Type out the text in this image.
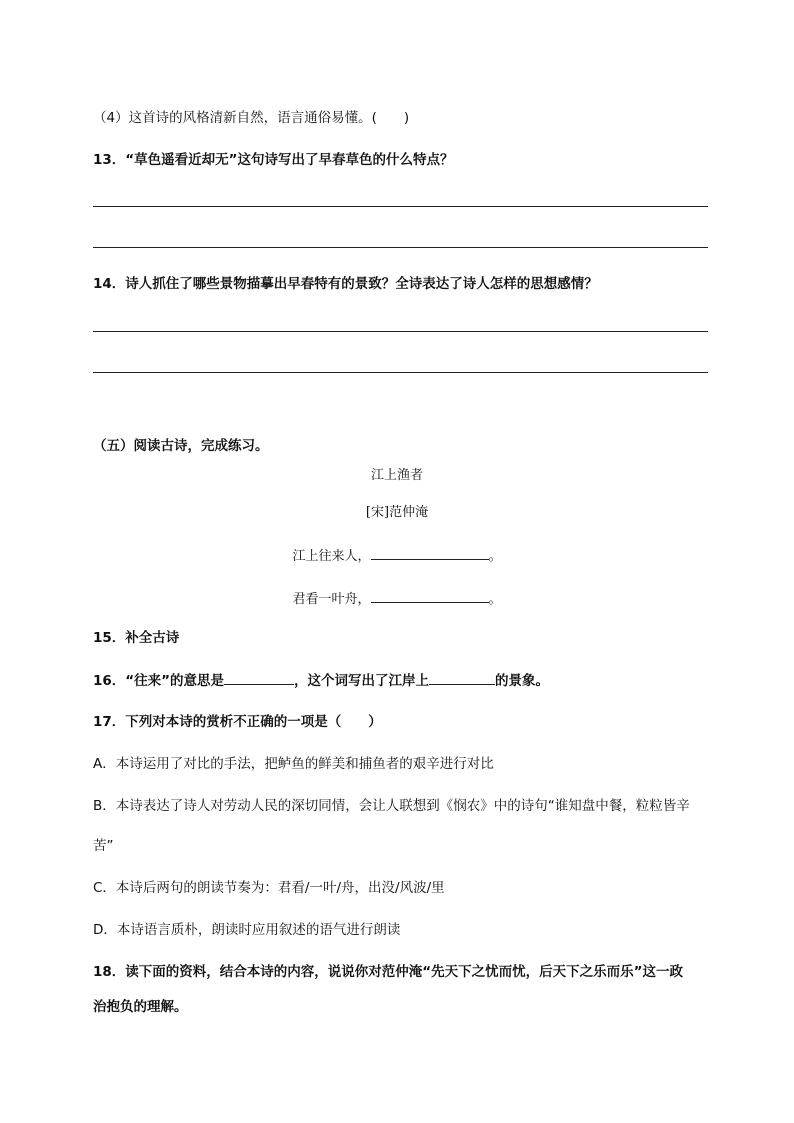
（4）这首诗的风格清新自然，语言通俗易懂。(　　)
13．“草色遥看近却无”这句诗写出了早春草色的什么特点？
14．诗人抓住了哪些景物描摹出早春特有的景致？全诗表达了诗人怎样的思想感情？
（五）阅读古诗，完成练习。
江上渔者
[宋]范仲淹
江上往来人，	。
君看一叶舟，	。
15．补全古诗
16．“往来”的意思是	，这个词写出了江岸上	的景象。
17．下列对本诗的赏析不正确的一项是（　　）
A．本诗运用了对比的手法，把鲈鱼的鲜美和捕鱼者的艰辛进行对比
B．本诗表达了诗人对劳动人民的深切同情，会让人联想到《悯农》中的诗句“谁知盘中餐，粒粒皆辛
苦”
C．本诗后两句的朗读节奏为：君看/一叶/舟，出没/风波/里
D．本诗语言质朴，朗读时应用叙述的语气进行朗读
18．读下面的资料，结合本诗的内容，说说你对范仲淹“先天下之忧而忧，后天下之乐而乐”这一政
治抱负的理解。
